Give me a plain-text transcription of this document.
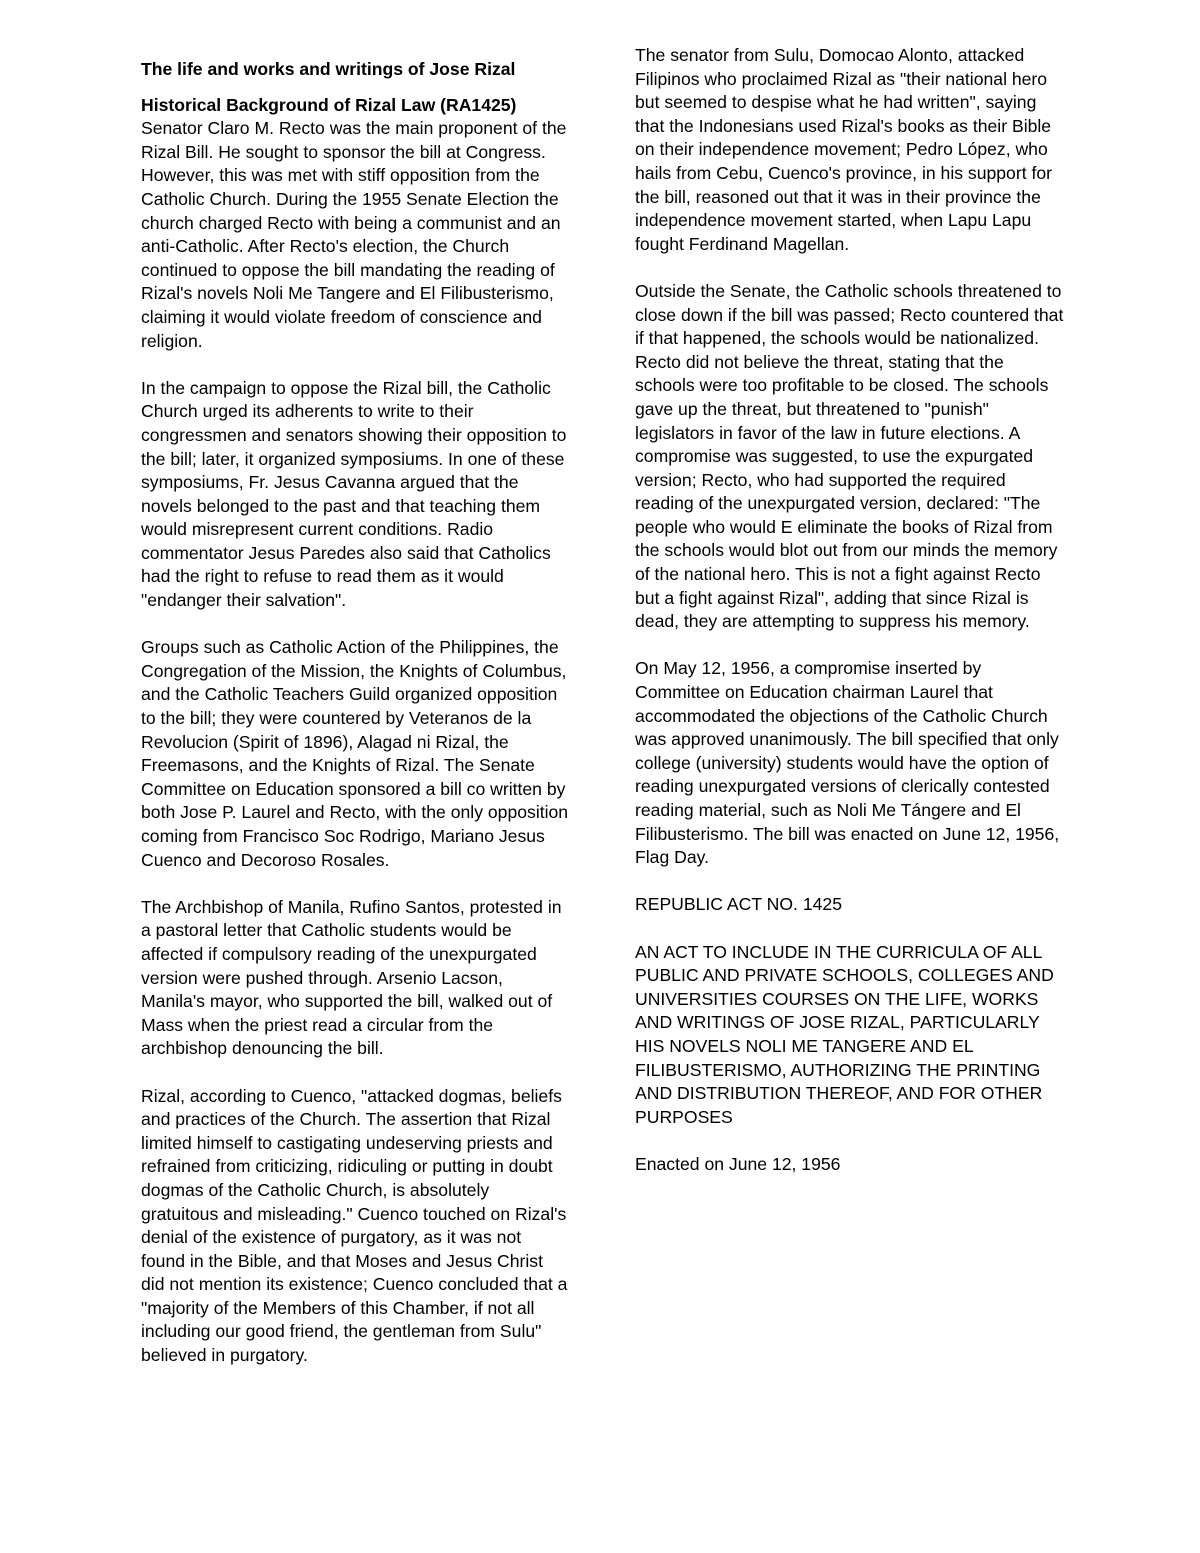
The life and works and writings of Jose Rizal
Historical Background of Rizal Law (RA1425)

Senator Claro M. Recto was the main proponent of the Rizal Bill. He sought to sponsor the bill at Congress. However, this was met with stiff opposition from the Catholic Church. During the 1955 Senate Election the church charged Recto with being a communist and an anti-Catholic. After Recto's election, the Church continued to oppose the bill mandating the reading of Rizal's novels Noli Me Tangere and El Filibusterismo, claiming it would violate freedom of conscience and religion.

In the campaign to oppose the Rizal bill, the Catholic Church urged its adherents to write to their congressmen and senators showing their opposition to the bill; later, it organized symposiums. In one of these symposiums, Fr. Jesus Cavanna argued that the novels belonged to the past and that teaching them would misrepresent current conditions. Radio commentator Jesus Paredes also said that Catholics had the right to refuse to read them as it would "endanger their salvation".

Groups such as Catholic Action of the Philippines, the Congregation of the Mission, the Knights of Columbus, and the Catholic Teachers Guild organized opposition to the bill; they were countered by Veteranos de la Revolucion (Spirit of 1896), Alagad ni Rizal, the Freemasons, and the Knights of Rizal. The Senate Committee on Education sponsored a bill co written by both Jose P. Laurel and Recto, with the only opposition coming from Francisco Soc Rodrigo, Mariano Jesus Cuenco and Decoroso Rosales.

The Archbishop of Manila, Rufino Santos, protested in a pastoral letter that Catholic students would be affected if compulsory reading of the unexpurgated version were pushed through. Arsenio Lacson, Manila's mayor, who supported the bill, walked out of Mass when the priest read a circular from the archbishop denouncing the bill.

Rizal, according to Cuenco, "attacked dogmas, beliefs and practices of the Church. The assertion that Rizal limited himself to castigating undeserving priests and refrained from criticizing, ridiculing or putting in doubt dogmas of the Catholic Church, is absolutely gratuitous and misleading." Cuenco touched on Rizal's denial of the existence of purgatory, as it was not found in the Bible, and that Moses and Jesus Christ did not mention its existence; Cuenco concluded that a "majority of the Members of this Chamber, if not all including our good friend, the gentleman from Sulu" believed in purgatory.

The senator from Sulu, Domocao Alonto, attacked Filipinos who proclaimed Rizal as "their national hero but seemed to despise what he had written", saying that the Indonesians used Rizal's books as their Bible on their independence movement; Pedro López, who hails from Cebu, Cuenco's province, in his support for the bill, reasoned out that it was in their province the independence movement started, when Lapu Lapu fought Ferdinand Magellan.

Outside the Senate, the Catholic schools threatened to close down if the bill was passed; Recto countered that if that happened, the schools would be nationalized. Recto did not believe the threat, stating that the schools were too profitable to be closed. The schools gave up the threat, but threatened to "punish" legislators in favor of the law in future elections. A compromise was suggested, to use the expurgated version; Recto, who had supported the required reading of the unexpurgated version, declared: "The people who would E eliminate the books of Rizal from the schools would blot out from our minds the memory of the national hero. This is not a fight against Recto but a fight against Rizal", adding that since Rizal is dead, they are attempting to suppress his memory.

On May 12, 1956, a compromise inserted by Committee on Education chairman Laurel that accommodated the objections of the Catholic Church was approved unanimously. The bill specified that only college (university) students would have the option of reading unexpurgated versions of clerically contested reading material, such as Noli Me Tángere and El Filibusterismo. The bill was enacted on June 12, 1956, Flag Day.

REPUBLIC ACT NO. 1425

AN ACT TO INCLUDE IN THE CURRICULA OF ALL PUBLIC AND PRIVATE SCHOOLS, COLLEGES AND UNIVERSITIES COURSES ON THE LIFE, WORKS AND WRITINGS OF JOSE RIZAL, PARTICULARLY HIS NOVELS NOLI ME TANGERE AND EL FILIBUSTERISMO, AUTHORIZING THE PRINTING AND DISTRIBUTION THEREOF, AND FOR OTHER PURPOSES

Enacted on June 12, 1956
